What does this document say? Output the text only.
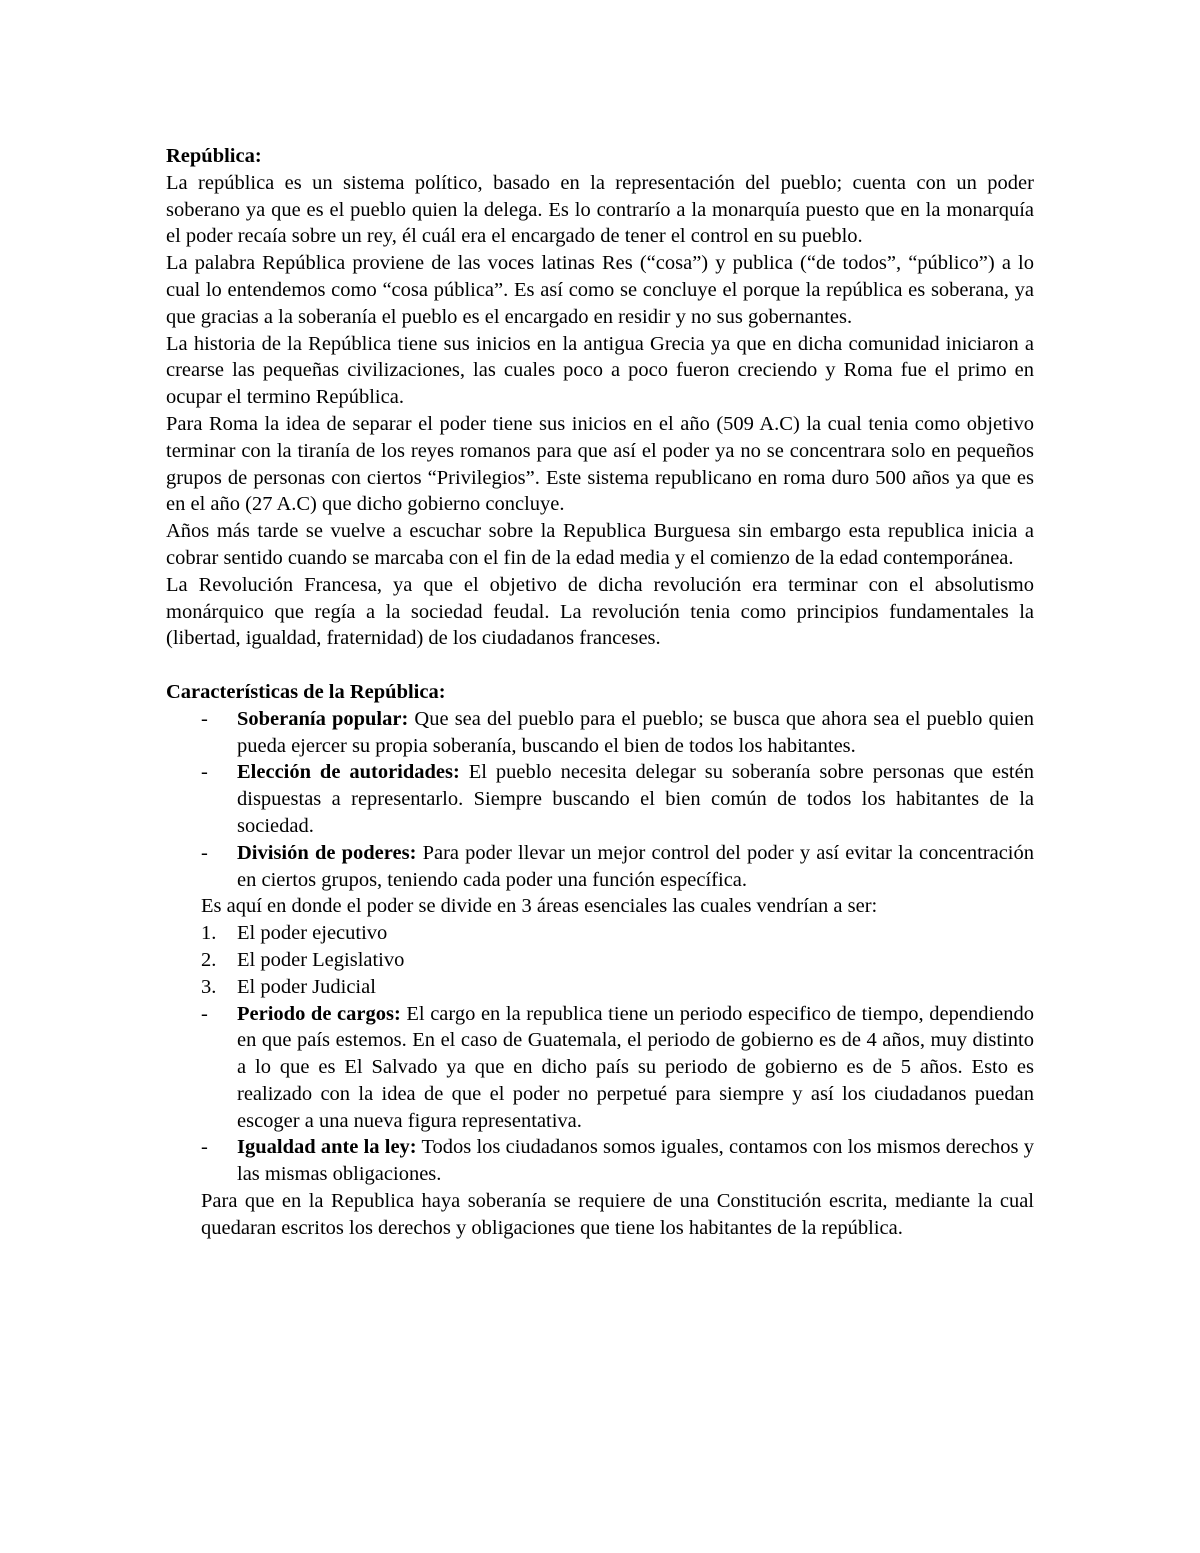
República:

La república es un sistema político, basado en la representación del pueblo; cuenta con un poder soberano ya que es el pueblo quien la delega. Es lo contrarío a la monarquía puesto que en la monarquía el poder recaía sobre un rey, él cuál era el encargado de tener el control en su pueblo.

La palabra República proviene de las voces latinas Res (“cosa”) y publica (“de todos”, “público”) a lo cual lo entendemos como “cosa pública”. Es así como se concluye el porque la república es soberana, ya que gracias a la soberanía el pueblo es el encargado en residir y no sus gobernantes.

La historia de la República tiene sus inicios en la antigua Grecia ya que en dicha comunidad iniciaron a crearse las pequeñas civilizaciones, las cuales poco a poco fueron creciendo y Roma fue el primo en ocupar el termino República.

Para Roma la idea de separar el poder tiene sus inicios en el año (509 A.C) la cual tenia como objetivo terminar con la tiranía de los reyes romanos para que así el poder ya no se concentrara solo en pequeños grupos de personas con ciertos “Privilegios”. Este sistema republicano en roma duro 500 años ya que es en el año (27 A.C) que dicho gobierno concluye.

Años más tarde se vuelve a escuchar sobre la Republica Burguesa sin embargo esta republica inicia a cobrar sentido cuando se marcaba con el fin de la edad media y el comienzo de la edad contemporánea.

La Revolución Francesa, ya que el objetivo de dicha revolución era terminar con el absolutismo monárquico que regía a la sociedad feudal. La revolución tenia como principios fundamentales la (libertad, igualdad, fraternidad) de los ciudadanos franceses.

Características de la República:
- Soberanía popular: Que sea del pueblo para el pueblo; se busca que ahora sea el pueblo quien pueda ejercer su propia soberanía, buscando el bien de todos los habitantes.
- Elección de autoridades: El pueblo necesita delegar su soberanía sobre personas que estén dispuestas a representarlo. Siempre buscando el bien común de todos los habitantes de la sociedad.
- División de poderes: Para poder llevar un mejor control del poder y así evitar la concentración en ciertos grupos, teniendo cada poder una función específica.

Es aquí en donde el poder se divide en 3 áreas esenciales las cuales vendrían a ser:

1. El poder ejecutivo
2. El poder Legislativo
3. El poder Judicial
- Periodo de cargos: El cargo en la republica tiene un periodo especifico de tiempo, dependiendo en que país estemos. En el caso de Guatemala, el periodo de gobierno es de 4 años, muy distinto a lo que es El Salvado ya que en dicho país su periodo de gobierno es de 5 años. Esto es realizado con la idea de que el poder no perpetué para siempre y así los ciudadanos puedan escoger a una nueva figura representativa.
- Igualdad ante la ley: Todos los ciudadanos somos iguales, contamos con los mismos derechos y las mismas obligaciones.

Para que en la Republica haya soberanía se requiere de una Constitución escrita, mediante la cual quedaran escritos los derechos y obligaciones que tiene los habitantes de la república.
